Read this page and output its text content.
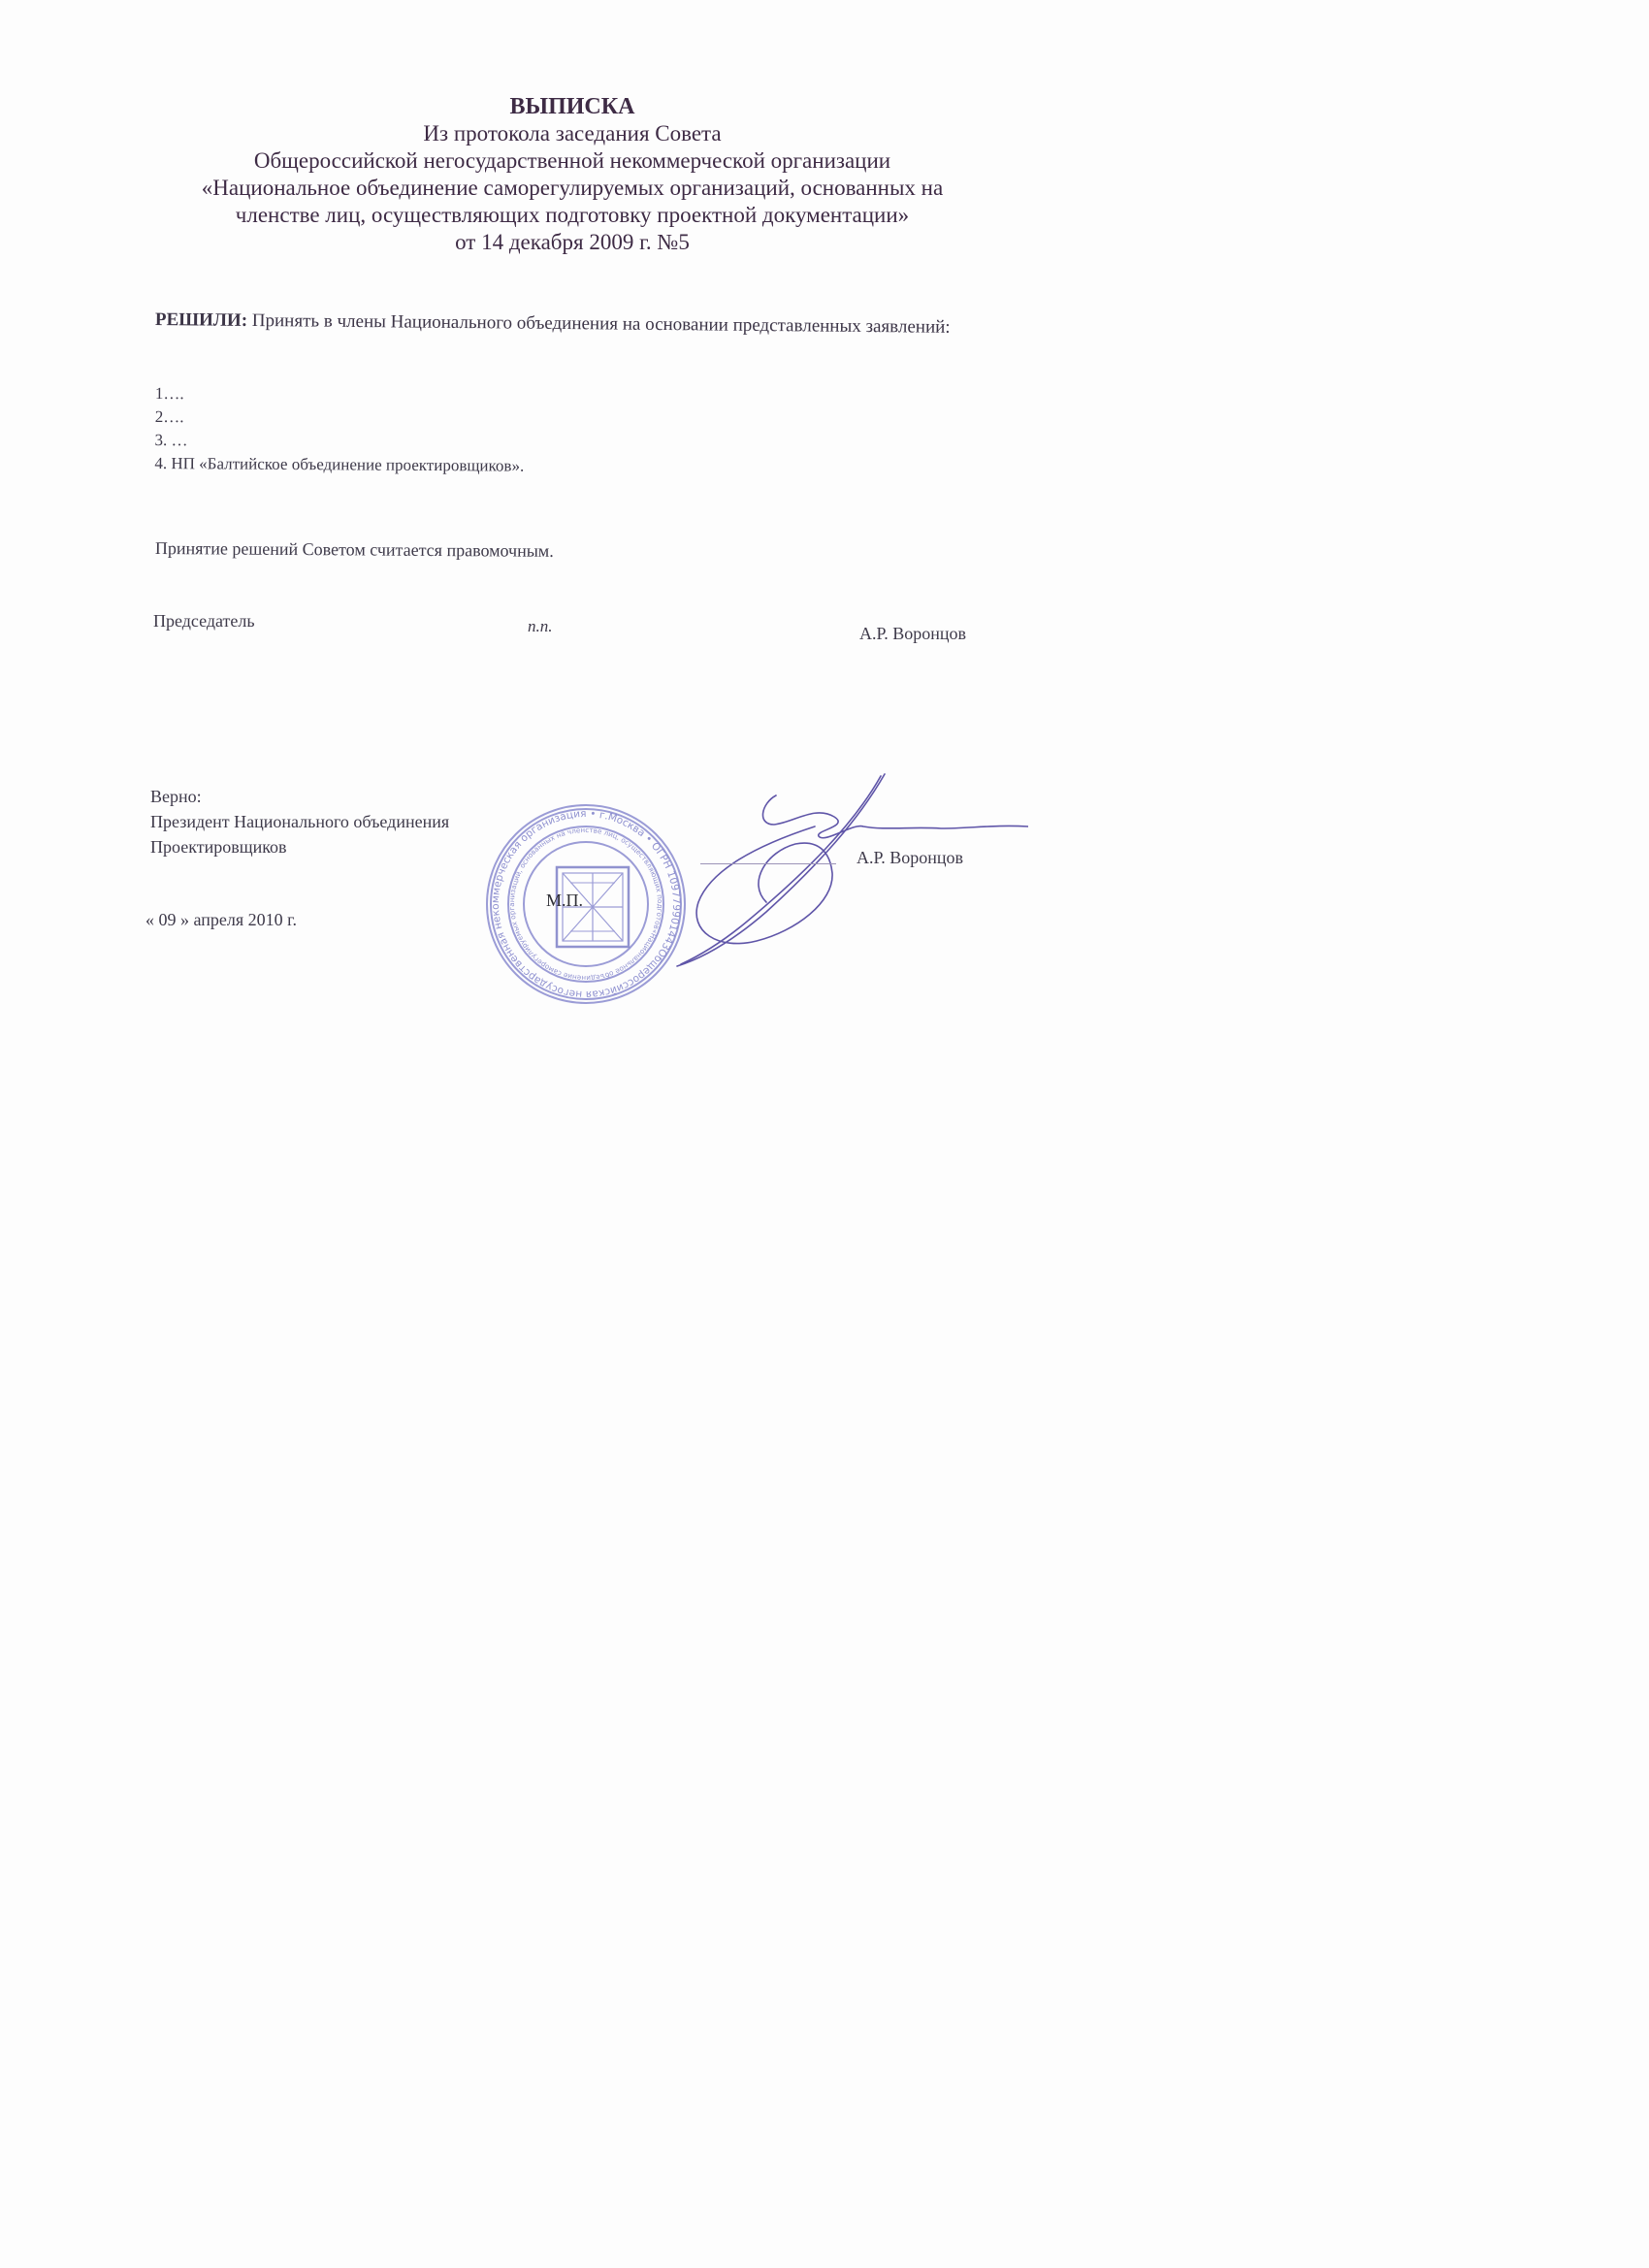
ВЫПИСКА
Из протокола заседания Совета
Общероссийской негосударственной некоммерческой организации
«Национальное объединение саморегулируемых организаций, основанных на
членстве лиц, осуществляющих подготовку проектной документации»
от 14 декабря 2009 г. №5
РЕШИЛИ: Принять в члены Национального объединения на основании представленных заявлений:
1….
2….
3. …
4. НП «Балтийское объединение проектировщиков».
Принятие решений Советом считается правомочным.
Председатель	п.п.	А.Р. Воронцов
Верно:
Президент Национального объединения
Проектировщиков
Общероссийская негосударственная некоммерческая организация • г.Москва • ОГРН 1097799014433
«Национальное объединение саморегулируемых организаций, основанных на членстве лиц, осуществляющих подготовку
М.П.
А.Р. Воронцов
« 09 » апреля 2010 г.
